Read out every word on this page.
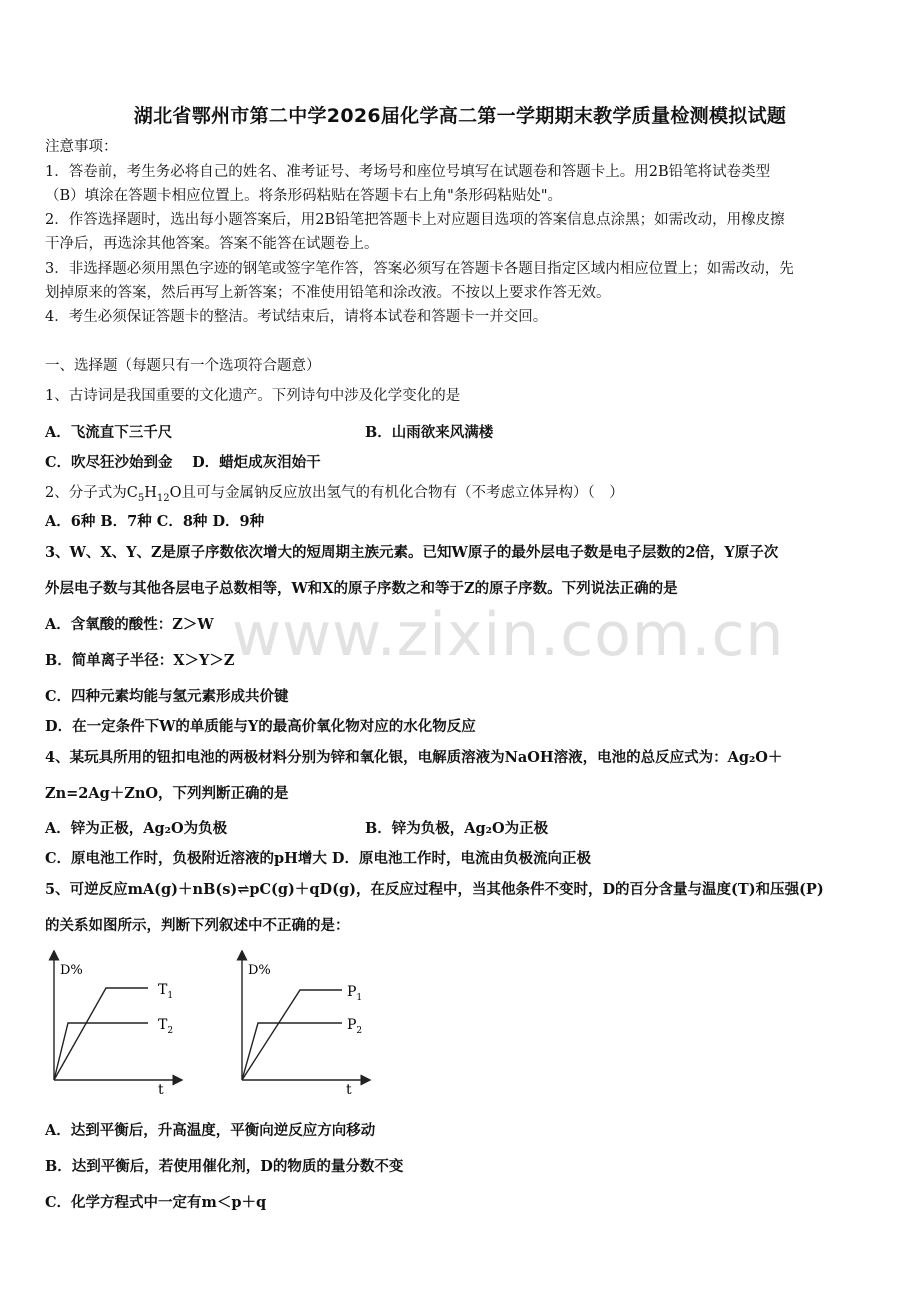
湖北省鄂州市第二中学2026届化学高二第一学期期末教学质量检测模拟试题
注意事项：
1．答卷前，考生务必将自己的姓名、准考证号、考场号和座位号填写在试题卷和答题卡上。用2B铅笔将试卷类型
（B）填涂在答题卡相应位置上。将条形码粘贴在答题卡右上角"条形码粘贴处"。
2．作答选择题时，选出每小题答案后，用2B铅笔把答题卡上对应题目选项的答案信息点涂黑；如需改动，用橡皮擦
干净后，再选涂其他答案。答案不能答在试题卷上。
3．非选择题必须用黑色字迹的钢笔或签字笔作答，答案必须写在答题卡各题目指定区域内相应位置上；如需改动，先
划掉原来的答案，然后再写上新答案；不准使用铅笔和涂改液。不按以上要求作答无效。
4．考生必须保证答题卡的整洁。考试结束后，请将本试卷和答题卡一并交回。
一、选择题（每题只有一个选项符合题意）
1、古诗词是我国重要的文化遗产。下列诗句中涉及化学变化的是
A．飞流直下三千尺	B．山雨欲来风满楼
C．吹尽狂沙始到金　 D．蜡炬成灰泪始干
2、分子式为$C_5H_{12}O$且可与金属钠反应放出氢气的有机化合物有（不考虑立体异构）（　）
A．6种 B．7种 C．8种 D．9种
3、W、X、Y、Z是原子序数依次增大的短周期主族元素。已知W原子的最外层电子数是电子层数的2倍，Y原子次
外层电子数与其他各层电子总数相等，W和X的原子序数之和等于Z的原子序数。下列说法正确的是
A．含氧酸的酸性：Z＞W
B．简单离子半径：X＞Y＞Z
C．四种元素均能与氢元素形成共价键
D．在一定条件下W的单质能与Y的最高价氧化物对应的水化物反应
4、某玩具所用的钮扣电池的两极材料分别为锌和氧化银，电解质溶液为NaOH溶液，电池的总反应式为：Ag₂O＋
Zn=2Ag＋ZnO，下列判断正确的是
A．锌为正极，Ag₂O为负极	B．锌为负极，Ag₂O为正极
C．原电池工作时，负极附近溶液的pH增大 D．原电池工作时，电流由负极流向正极
5、可逆反应mA(g)＋nB(s)⇌pC(g)＋qD(g)，在反应过程中，当其他条件不变时，D的百分含量与温度(T)和压强(P)
的关系如图所示，判断下列叙述中不正确的是：
D%
t
$T_1$
$T_2$
D%
t
$P_1$
$P_2$
A．达到平衡后，升高温度，平衡向逆反应方向移动
B．达到平衡后，若使用催化剂，D的物质的量分数不变
C．化学方程式中一定有m＜p＋q
www.zixin.com.cn
